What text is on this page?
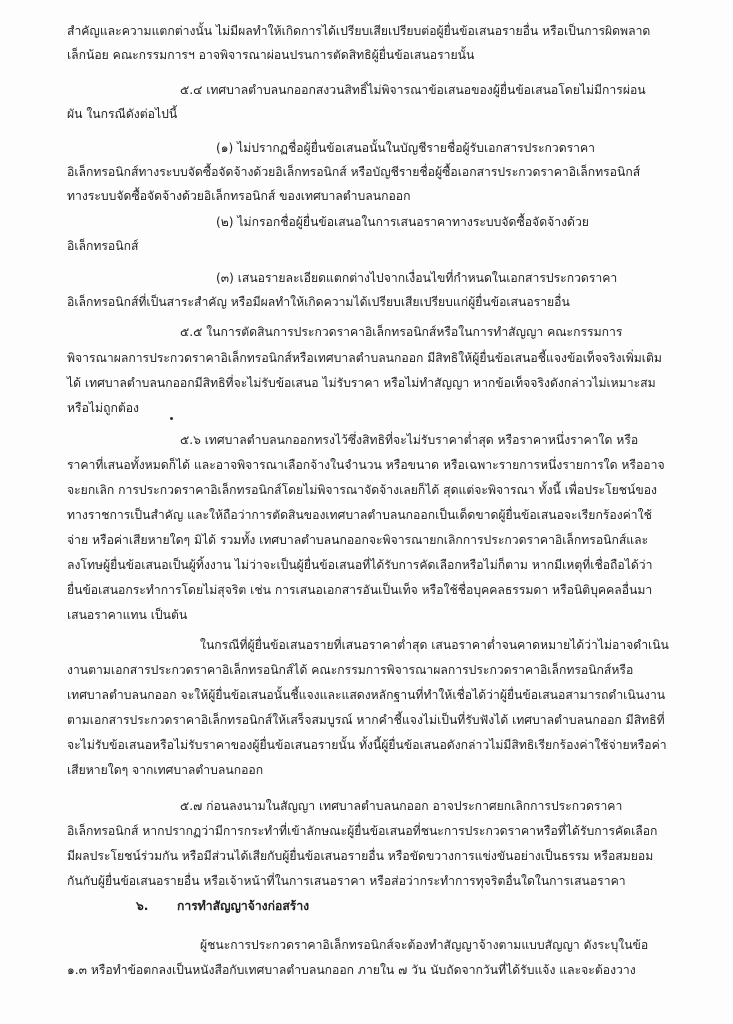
สำคัญและความแตกต่างนั้น ไม่มีผลทำให้เกิดการได้เปรียบเสียเปรียบต่อผู้ยื่นข้อเสนอรายอื่น หรือเป็นการผิดพลาด
เล็กน้อย คณะกรรมการฯ อาจพิจารณาผ่อนปรนการตัดสิทธิผู้ยื่นข้อเสนอรายนั้น
๕.๔ เทศบาลตำบลนกออกสงวนสิทธิ์ไม่พิจารณาข้อเสนอของผู้ยื่นข้อเสนอโดยไม่มีการผ่อน
ผัน ในกรณีดังต่อไปนี้
(๑) ไม่ปรากฏชื่อผู้ยื่นข้อเสนอนั้นในบัญชีรายชื่อผู้รับเอกสารประกวดราคา
อิเล็กทรอนิกส์ทางระบบจัดซื้อจัดจ้างด้วยอิเล็กทรอนิกส์ หรือบัญชีรายชื่อผู้ซื้อเอกสารประกวดราคาอิเล็กทรอนิกส์
ทางระบบจัดซื้อจัดจ้างด้วยอิเล็กทรอนิกส์ ของเทศบาลตำบลนกออก
(๒) ไม่กรอกชื่อผู้ยื่นข้อเสนอในการเสนอราคาทางระบบจัดซื้อจัดจ้างด้วย
อิเล็กทรอนิกส์
(๓) เสนอรายละเอียดแตกต่างไปจากเงื่อนไขที่กำหนดในเอกสารประกวดราคา
อิเล็กทรอนิกส์ที่เป็นสาระสำคัญ หรือมีผลทำให้เกิดความได้เปรียบเสียเปรียบแก่ผู้ยื่นข้อเสนอรายอื่น
๕.๕ ในการตัดสินการประกวดราคาอิเล็กทรอนิกส์หรือในการทำสัญญา คณะกรรมการ
พิจารณาผลการประกวดราคาอิเล็กทรอนิกส์หรือเทศบาลตำบลนกออก มีสิทธิให้ผู้ยื่นข้อเสนอชี้แจงข้อเท็จจริงเพิ่มเติม
ได้ เทศบาลตำบลนกออกมีสิทธิที่จะไม่รับข้อเสนอ ไม่รับราคา หรือไม่ทำสัญญา หากข้อเท็จจริงดังกล่าวไม่เหมาะสม
หรือไม่ถูกต้อง
๕.๖ เทศบาลตำบลนกออกทรงไว้ซึ่งสิทธิที่จะไม่รับราคาต่ำสุด หรือราคาหนึ่งราคาใด หรือ
ราคาที่เสนอทั้งหมดก็ได้ และอาจพิจารณาเลือกจ้างในจำนวน หรือขนาด หรือเฉพาะรายการหนึ่งรายการใด หรืออาจ
จะยกเลิก การประกวดราคาอิเล็กทรอนิกส์โดยไม่พิจารณาจัดจ้างเลยก็ได้ สุดแต่จะพิจารณา ทั้งนี้ เพื่อประโยชน์ของ
ทางราชการเป็นสำคัญ และให้ถือว่าการตัดสินของเทศบาลตำบลนกออกเป็นเด็ดขาดผู้ยื่นข้อเสนอจะเรียกร้องค่าใช้
จ่าย หรือค่าเสียหายใดๆ มิได้ รวมทั้ง เทศบาลตำบลนกออกจะพิจารณายกเลิกการประกวดราคาอิเล็กทรอนิกส์และ
ลงโทษผู้ยื่นข้อเสนอเป็นผู้ทิ้งงาน ไม่ว่าจะเป็นผู้ยื่นข้อเสนอที่ได้รับการคัดเลือกหรือไม่ก็ตาม หากมีเหตุที่เชื่อถือได้ว่า
ยื่นข้อเสนอกระทำการโดยไม่สุจริต เช่น การเสนอเอกสารอันเป็นเท็จ หรือใช้ชื่อบุคคลธรรมดา หรือนิติบุคคลอื่นมา
เสนอราคาแทน เป็นต้น
ในกรณีที่ผู้ยื่นข้อเสนอรายที่เสนอราคาต่ำสุด เสนอราคาต่ำจนคาดหมายได้ว่าไม่อาจดำเนิน
งานตามเอกสารประกวดราคาอิเล็กทรอนิกส์ได้ คณะกรรมการพิจารณาผลการประกวดราคาอิเล็กทรอนิกส์หรือ
เทศบาลตำบลนกออก จะให้ผู้ยื่นข้อเสนอนั้นชี้แจงและแสดงหลักฐานที่ทำให้เชื่อได้ว่าผู้ยื่นข้อเสนอสามารถดำเนินงาน
ตามเอกสารประกวดราคาอิเล็กทรอนิกส์ให้เสร็จสมบูรณ์ หากคำชี้แจงไม่เป็นที่รับฟังได้ เทศบาลตำบลนกออก มีสิทธิที่
จะไม่รับข้อเสนอหรือไม่รับราคาของผู้ยื่นข้อเสนอรายนั้น ทั้งนี้ผู้ยื่นข้อเสนอดังกล่าวไม่มีสิทธิเรียกร้องค่าใช้จ่ายหรือค่า
เสียหายใดๆ จากเทศบาลตำบลนกออก
๕.๗ ก่อนลงนามในสัญญา เทศบาลตำบลนกออก อาจประกาศยกเลิกการประกวดราคา
อิเล็กทรอนิกส์ หากปรากฏว่ามีการกระทำที่เข้าลักษณะผู้ยื่นข้อเสนอที่ชนะการประกวดราคาหรือที่ได้รับการคัดเลือก
มีผลประโยชน์ร่วมกัน หรือมีส่วนได้เสียกับผู้ยื่นข้อเสนอรายอื่น หรือขัดขวางการแข่งขันอย่างเป็นธรรม หรือสมยอม
กันกับผู้ยื่นข้อเสนอรายอื่น หรือเจ้าหน้าที่ในการเสนอราคา หรือส่อว่ากระทำการทุจริตอื่นใดในการเสนอราคา
๖. การทำสัญญาจ้างก่อสร้าง
ผู้ชนะการประกวดราคาอิเล็กทรอนิกส์จะต้องทำสัญญาจ้างตามแบบสัญญา ดังระบุในข้อ
๑.๓ หรือทำข้อตกลงเป็นหนังสือกับเทศบาลตำบลนกออก ภายใน ๗ วัน นับถัดจากวันที่ได้รับแจ้ง และจะต้องวาง
